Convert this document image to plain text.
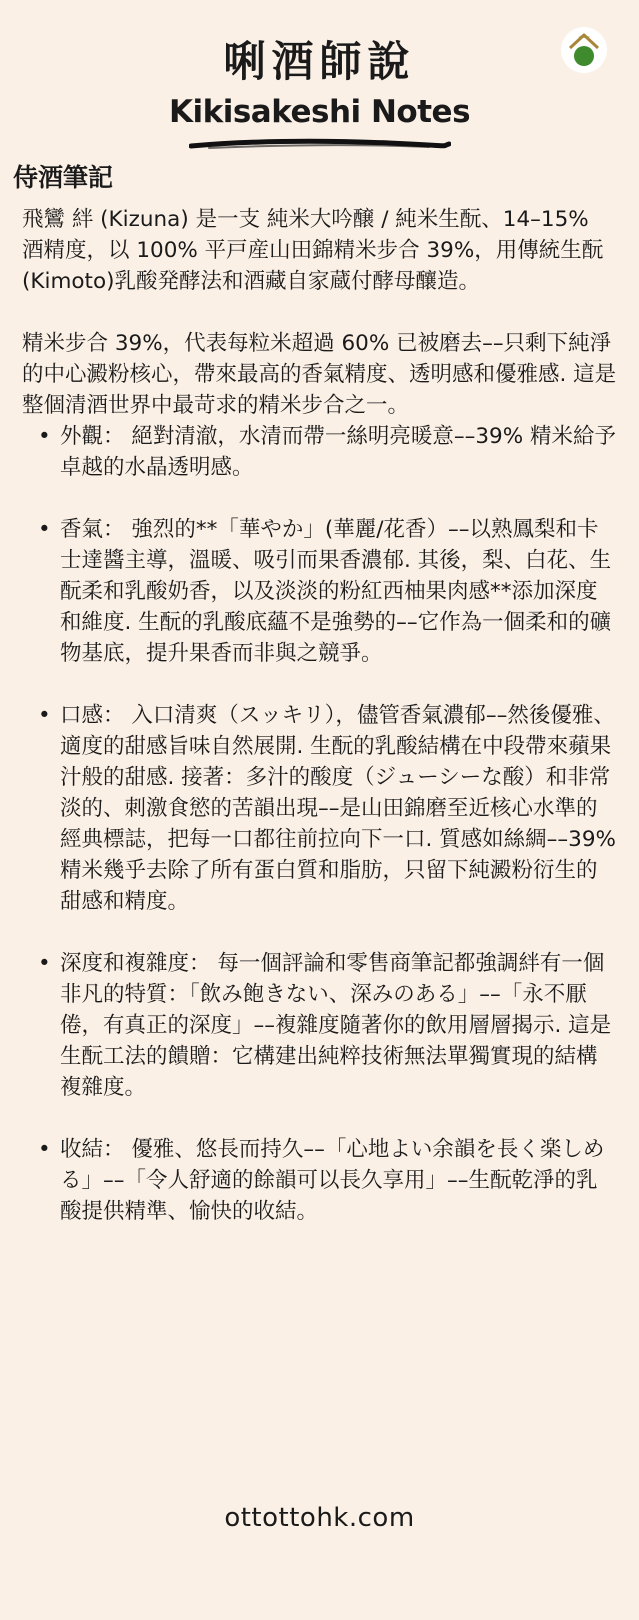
唎酒師說
Kikisakeshi Notes
ottotto
侍酒筆記

飛鸞 絆 (Kizuna) 是一支 純米大吟醸 / 純米生酛、14–15% 酒精度，以 100% 平戸産山田錦精米步合 39%，用傳統生酛 (Kimoto)乳酸発酵法和酒藏自家蔵付酵母釀造。

精米步合 39%，代表每粒米超過 60% 已被磨去––只剩下純淨的中心澱粉核心，帶來最高的香氣精度、透明感和優雅感. 這是整個清酒世界中最苛求的精米步合之一。

• 外觀： 絕對清澈，水清而帶一絲明亮暖意––39% 精米給予卓越的水晶透明感。
• 香氣： 強烈的**「華やか」(華麗/花香）––以熟鳳梨和卡士達醬主導，溫暖、吸引而果香濃郁. 其後，梨、白花、生酛柔和乳酸奶香，以及淡淡的粉紅西柚果肉感**添加深度和維度. 生酛的乳酸底蘊不是強勢的––它作為一個柔和的礦物基底，提升果香而非與之競爭。
• 口感： 入口清爽（スッキリ），儘管香氣濃郁––然後優雅、適度的甜感旨味自然展開. 生酛的乳酸結構在中段帶來蘋果汁般的甜感. 接著：多汁的酸度（ジューシーな酸）和非常淡的、刺激食慾的苦韻出現––是山田錦磨至近核心水準的經典標誌，把每一口都往前拉向下一口. 質感如絲綢––39% 精米幾乎去除了所有蛋白質和脂肪，只留下純澱粉衍生的甜感和精度。
• 深度和複雜度： 每一個評論和零售商筆記都強調絆有一個非凡的特質：「飲み飽きない、深みのある」––「永不厭倦，有真正的深度」––複雜度隨著你的飲用層層揭示. 這是生酛工法的饋贈：它構建出純粹技術無法單獨實現的結構複雜度。
• 收結： 優雅、悠長而持久––「心地よい余韻を長く楽しめる」––「令人舒適的餘韻可以長久享用」––生酛乾淨的乳酸提供精準、愉快的收結。
ottottohk.com
